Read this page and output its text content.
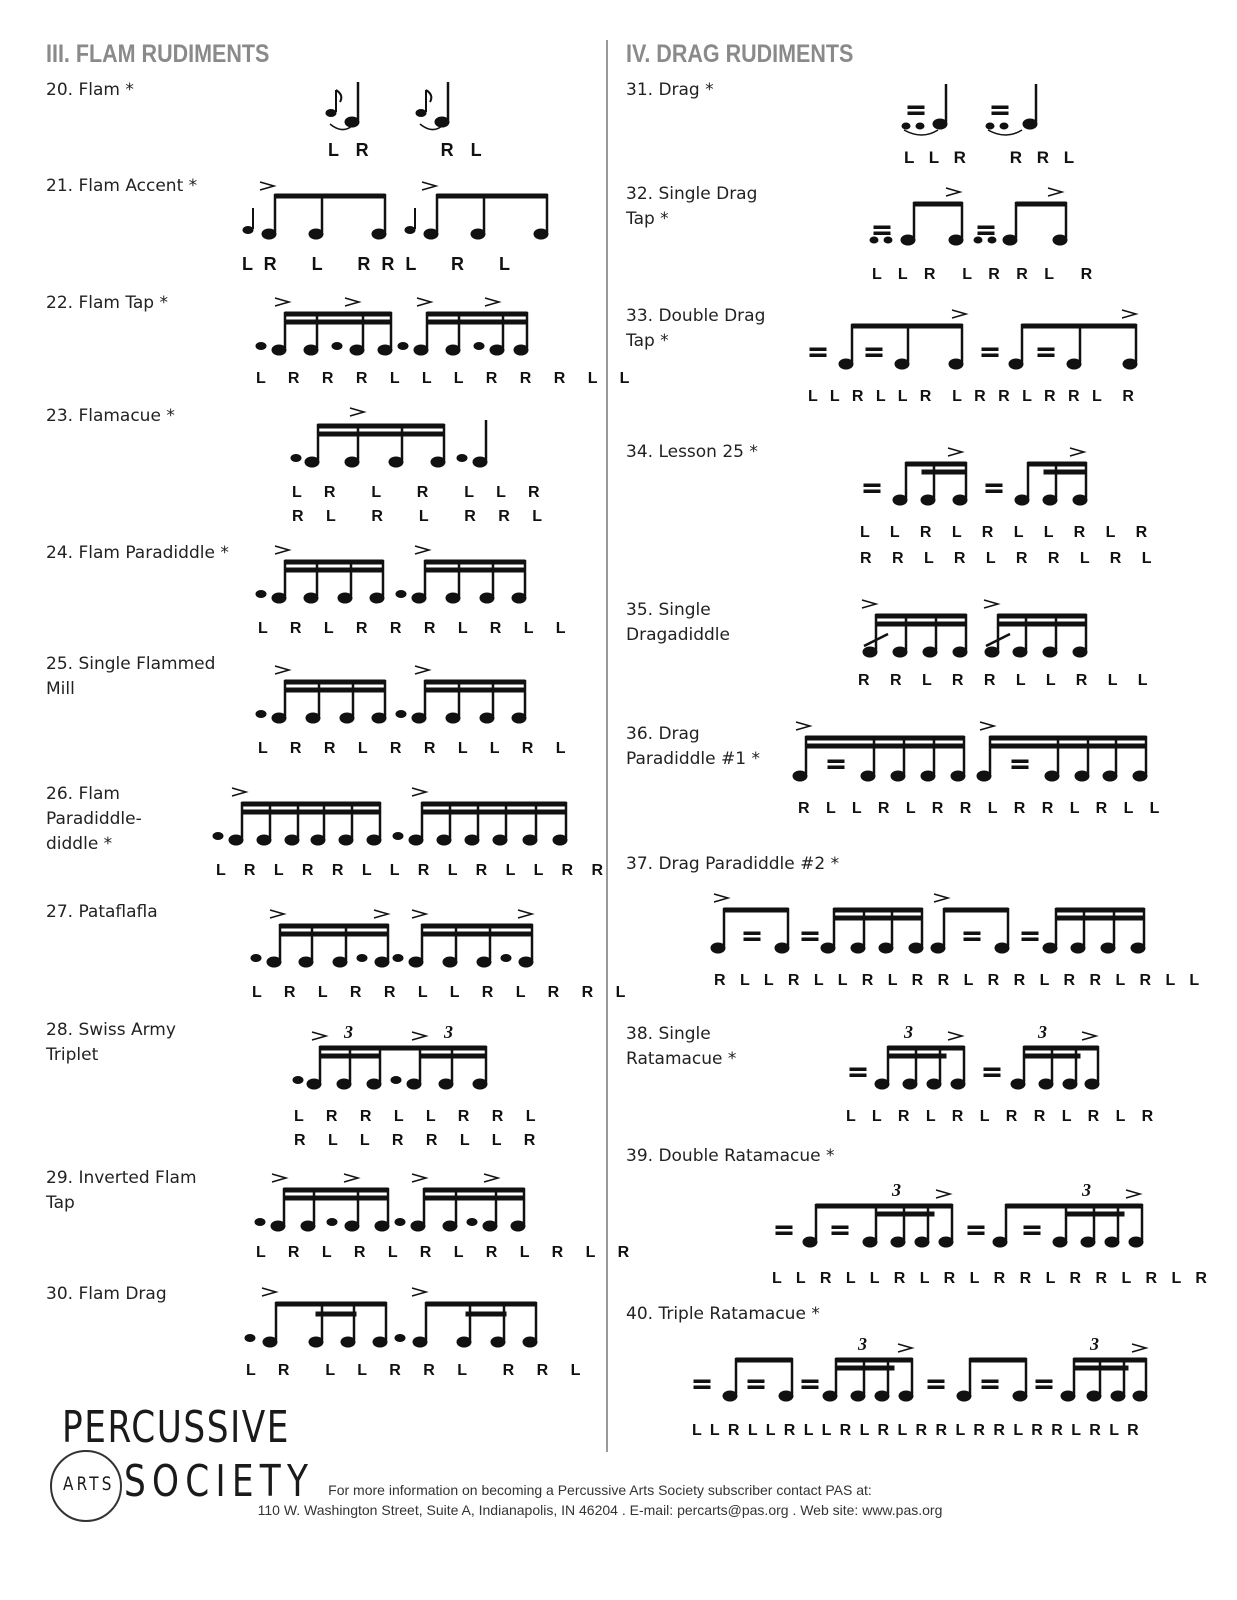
III. FLAM RUDIMENTS	IV. DRAG RUDIMENTS
20. Flam *
L R      R L
21. Flam Accent *
L R    L    R R L    R    L
22. Flam Tap *
L R R R L L L R R R L L
23. Flamacue *
L R  L  R  L L R
R L  R  L  R R L
24. Flam Paradiddle *
L R L R R R L R L L
25. Single Flammed Mill
L R R L R R L L R L
26. Flam Paradiddle-diddle *
L R L R R L L R L R L L R R
27. Pataflafla
L R L R R L L R L R R L
28. Swiss Army Triplet
3	3
L R R L L R R L
R L L R R L L R
29. Inverted Flam Tap
L R L R L R L R L R L R
30. Flam Drag
L R  L L R R L  R R L
31. Drag *
L L R    R R L
32. Single Drag Tap *
L L R  L R R L  R
33. Double Drag Tap *
L L R L L R  L R R L R R L  R
34. Lesson 25 *
L L R L R L L R L R
R R L R L R R L R L
35. Single Dragadiddle
R R L R R L L R L L
36. Drag Paradiddle #1 *
R L L R L R R L R R L R L L
37. Drag Paradiddle #2 *
R L L R L L R L R R L R R L R R L R L L
38. Single Ratamacue *
3	3
L L R L R L R R L R L R
39. Double Ratamacue *
3	3
L L R L L R L R L R R L R R L R L R
40. Triple Ratamacue *
3	3
L L R L L R L L R L R L R R L R R L R R L R L R
PERCUSSIVE
ARTS SOCIETY For more information on becoming a Percussive Arts Society subscriber contact PAS at:
110 W. Washington Street, Suite A, Indianapolis, IN 46204 . E-mail: percarts@pas.org . Web site: www.pas.org
